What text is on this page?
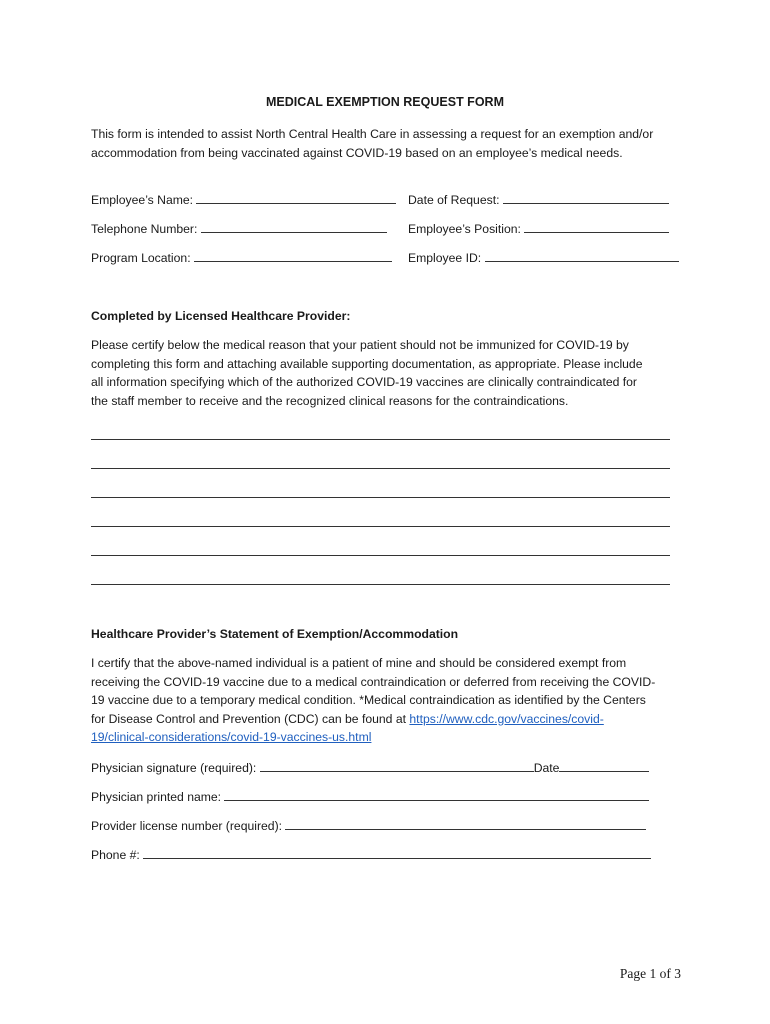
MEDICAL EXEMPTION REQUEST FORM
This form is intended to assist North Central Health Care in assessing a request for an exemption and/or
accommodation from being vaccinated against COVID-19 based on an employee’s medical needs.
Employee’s Name:	Date of Request:
Telephone Number:	Employee’s Position:
Program Location:	Employee ID:
Completed by Licensed Healthcare Provider:
Please certify below the medical reason that your patient should not be immunized for COVID-19 by
completing this form and attaching available supporting documentation, as appropriate. Please include
all information specifying which of the authorized COVID-19 vaccines are clinically contraindicated for
the staff member to receive and the recognized clinical reasons for the contraindications.
Healthcare Provider’s Statement of Exemption/Accommodation
I certify that the above-named individual is a patient of mine and should be considered exempt from
receiving the COVID-19 vaccine due to a medical contraindication or deferred from receiving the COVID-
19 vaccine due to a temporary medical condition. *Medical contraindication as identified by the Centers
for Disease Control and Prevention (CDC) can be found at https://www.cdc.gov/vaccines/covid-
19/clinical-considerations/covid-19-vaccines-us.html
Physician signature (required):	Date
Physician printed name:
Provider license number (required):
Phone #:
Page 1 of 3
